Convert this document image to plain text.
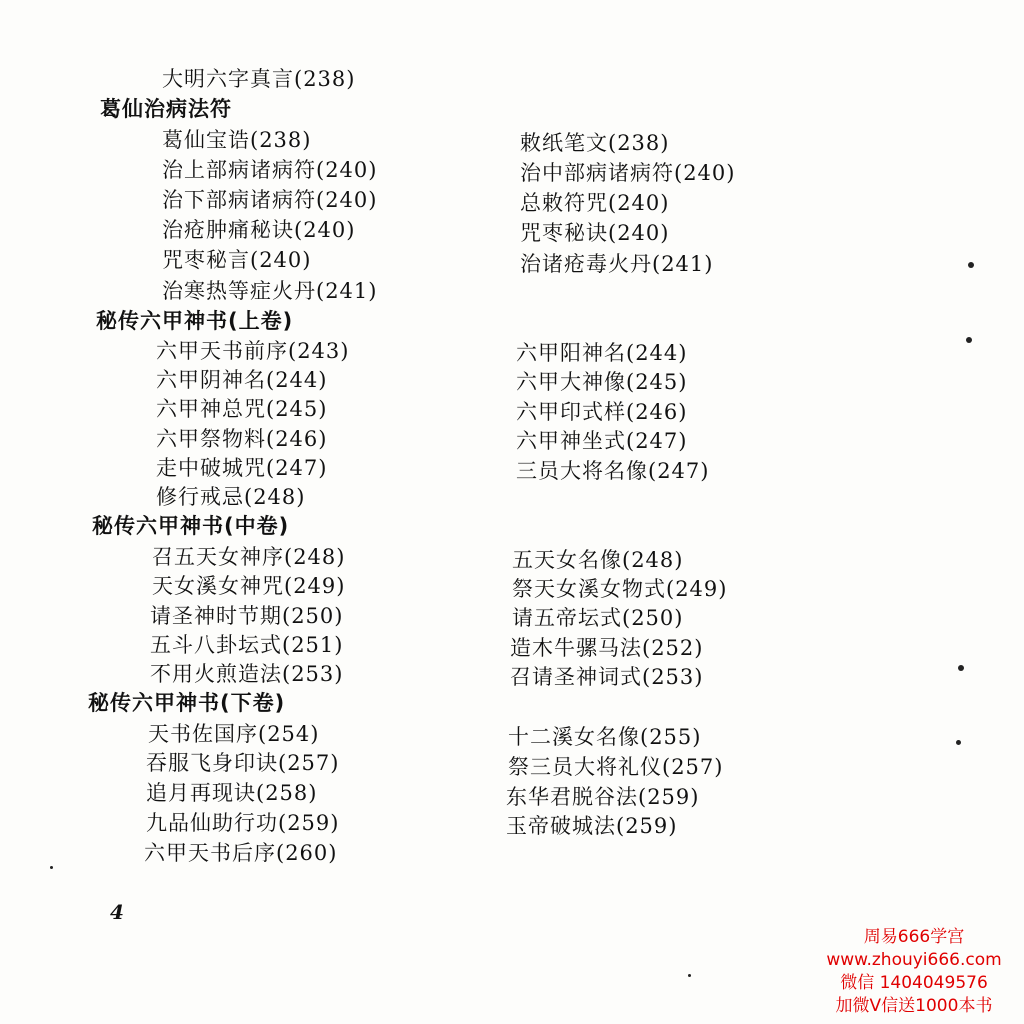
大明六字真言(238)
葛仙治病法符
葛仙宝诰(238)
治上部病诸病符(240)
治下部病诸病符(240)
治疮肿痛秘诀(240)
咒枣秘言(240)
治寒热等症火丹(241)
敕纸笔文(238)
治中部病诸病符(240)
总敕符咒(240)
咒枣秘诀(240)
治诸疮毒火丹(241)
秘传六甲神书(上卷)
六甲天书前序(243)
六甲阴神名(244)
六甲神总咒(245)
六甲祭物料(246)
走中破城咒(247)
修行戒忌(248)
六甲阳神名(244)
六甲大神像(245)
六甲印式样(246)
六甲神坐式(247)
三员大将名像(247)
秘传六甲神书(中卷)
召五天女神序(248)
天女溪女神咒(249)
请圣神时节期(250)
五斗八卦坛式(251)
不用火煎造法(253)
五天女名像(248)
祭天女溪女物式(249)
请五帝坛式(250)
造木牛骡马法(252)
召请圣神词式(253)
秘传六甲神书(下卷)
天书佐国序(254)
吞服飞身印诀(257)
追月再现诀(258)
九品仙助行功(259)
六甲天书后序(260)
十二溪女名像(255)
祭三员大将礼仪(257)
东华君脱谷法(259)
玉帝破城法(259)
4
周易666学宫
www.zhouyi666.com
微信 1404049576
加微V信送1000本书
